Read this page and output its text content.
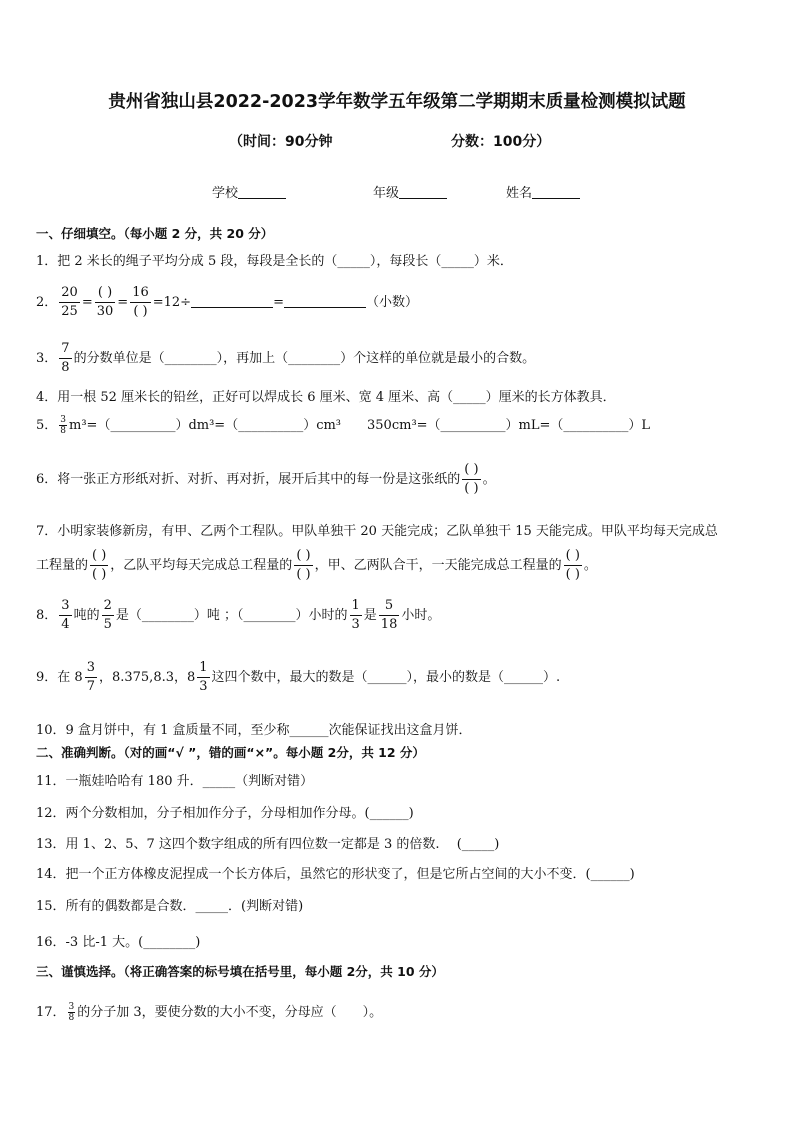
贵州省独山县2022-2023学年数学五年级第二学期期末质量检测模拟试题
（时间：90分钟	分数：100分）
学校	年级	姓名
一、仔细填空。（每小题 2 分，共 20 分）
1．把 2 米长的绳子平均分成 5 段，每段是全长的（_____），每段长（_____）米．
2． $\frac{20}{25} = \frac{( )}{30} = \frac{16}{( )} =12\div$	=	（小数）
3． $\frac{7}{8}$ 的分数单位是（________），再加上（________）个这样的单位就是最小的合数。
4．用一根 52 厘米长的铅丝，正好可以焊成长 6 厘米、宽 4 厘米、高（_____）厘米的长方体教具．
5． $\frac{3}{8}$ m³=（__________）dm³=（__________）cm³　　350cm³=（__________）mL=（__________）L
6．将一张正方形纸对折、对折、再对折，展开后其中的每一份是这张纸的 $\frac{( )}{( )}$ 。
7．小明家装修新房，有甲、乙两个工程队。甲队单独干 20 天能完成；乙队单独干 15 天能完成。甲队平均每天完成总
工程量的 $\frac{( )}{( )}$ ，乙队平均每天完成总工程量的 $\frac{( )}{( )}$ ，甲、乙两队合干，一天能完成总工程量的 $\frac{( )}{( )}$ 。
8． $\frac{3}{4}$ 吨的 $\frac{2}{5}$ 是（________）吨 ；（________）小时的 $\frac{1}{3}$ 是 $\frac{5}{18}$ 小时。
9．在 $8 \frac{3}{7}$ ，8.375,8.3，$8 \frac{1}{3}$ 这四个数中，最大的数是（______），最小的数是（______）.
10．9 盒月饼中，有 1 盒质量不同，至少称______次能保证找出这盒月饼．
二、准确判断。（对的画“√ ”，错的画“×”。每小题 2分，共 12 分）
11．一瓶娃哈哈有 180 升．_____（判断对错）
12．两个分数相加，分子相加作分子，分母相加作分母。(______)
13．用 1、2、5、7 这四个数字组成的所有四位数一定都是 3 的倍数.　 (_____)
14．把一个正方体橡皮泥捏成一个长方体后，虽然它的形状变了，但是它所占空间的大小不变．(______)
15．所有的偶数都是合数．_____．(判断对错)
16．-3 比-1 大。(________)
三、谨慎选择。（将正确答案的标号填在括号里，每小题 2分，共 10 分）
17． $\frac{3}{8}$ 的分子加 3，要使分数的大小不变，分母应（　　）。
